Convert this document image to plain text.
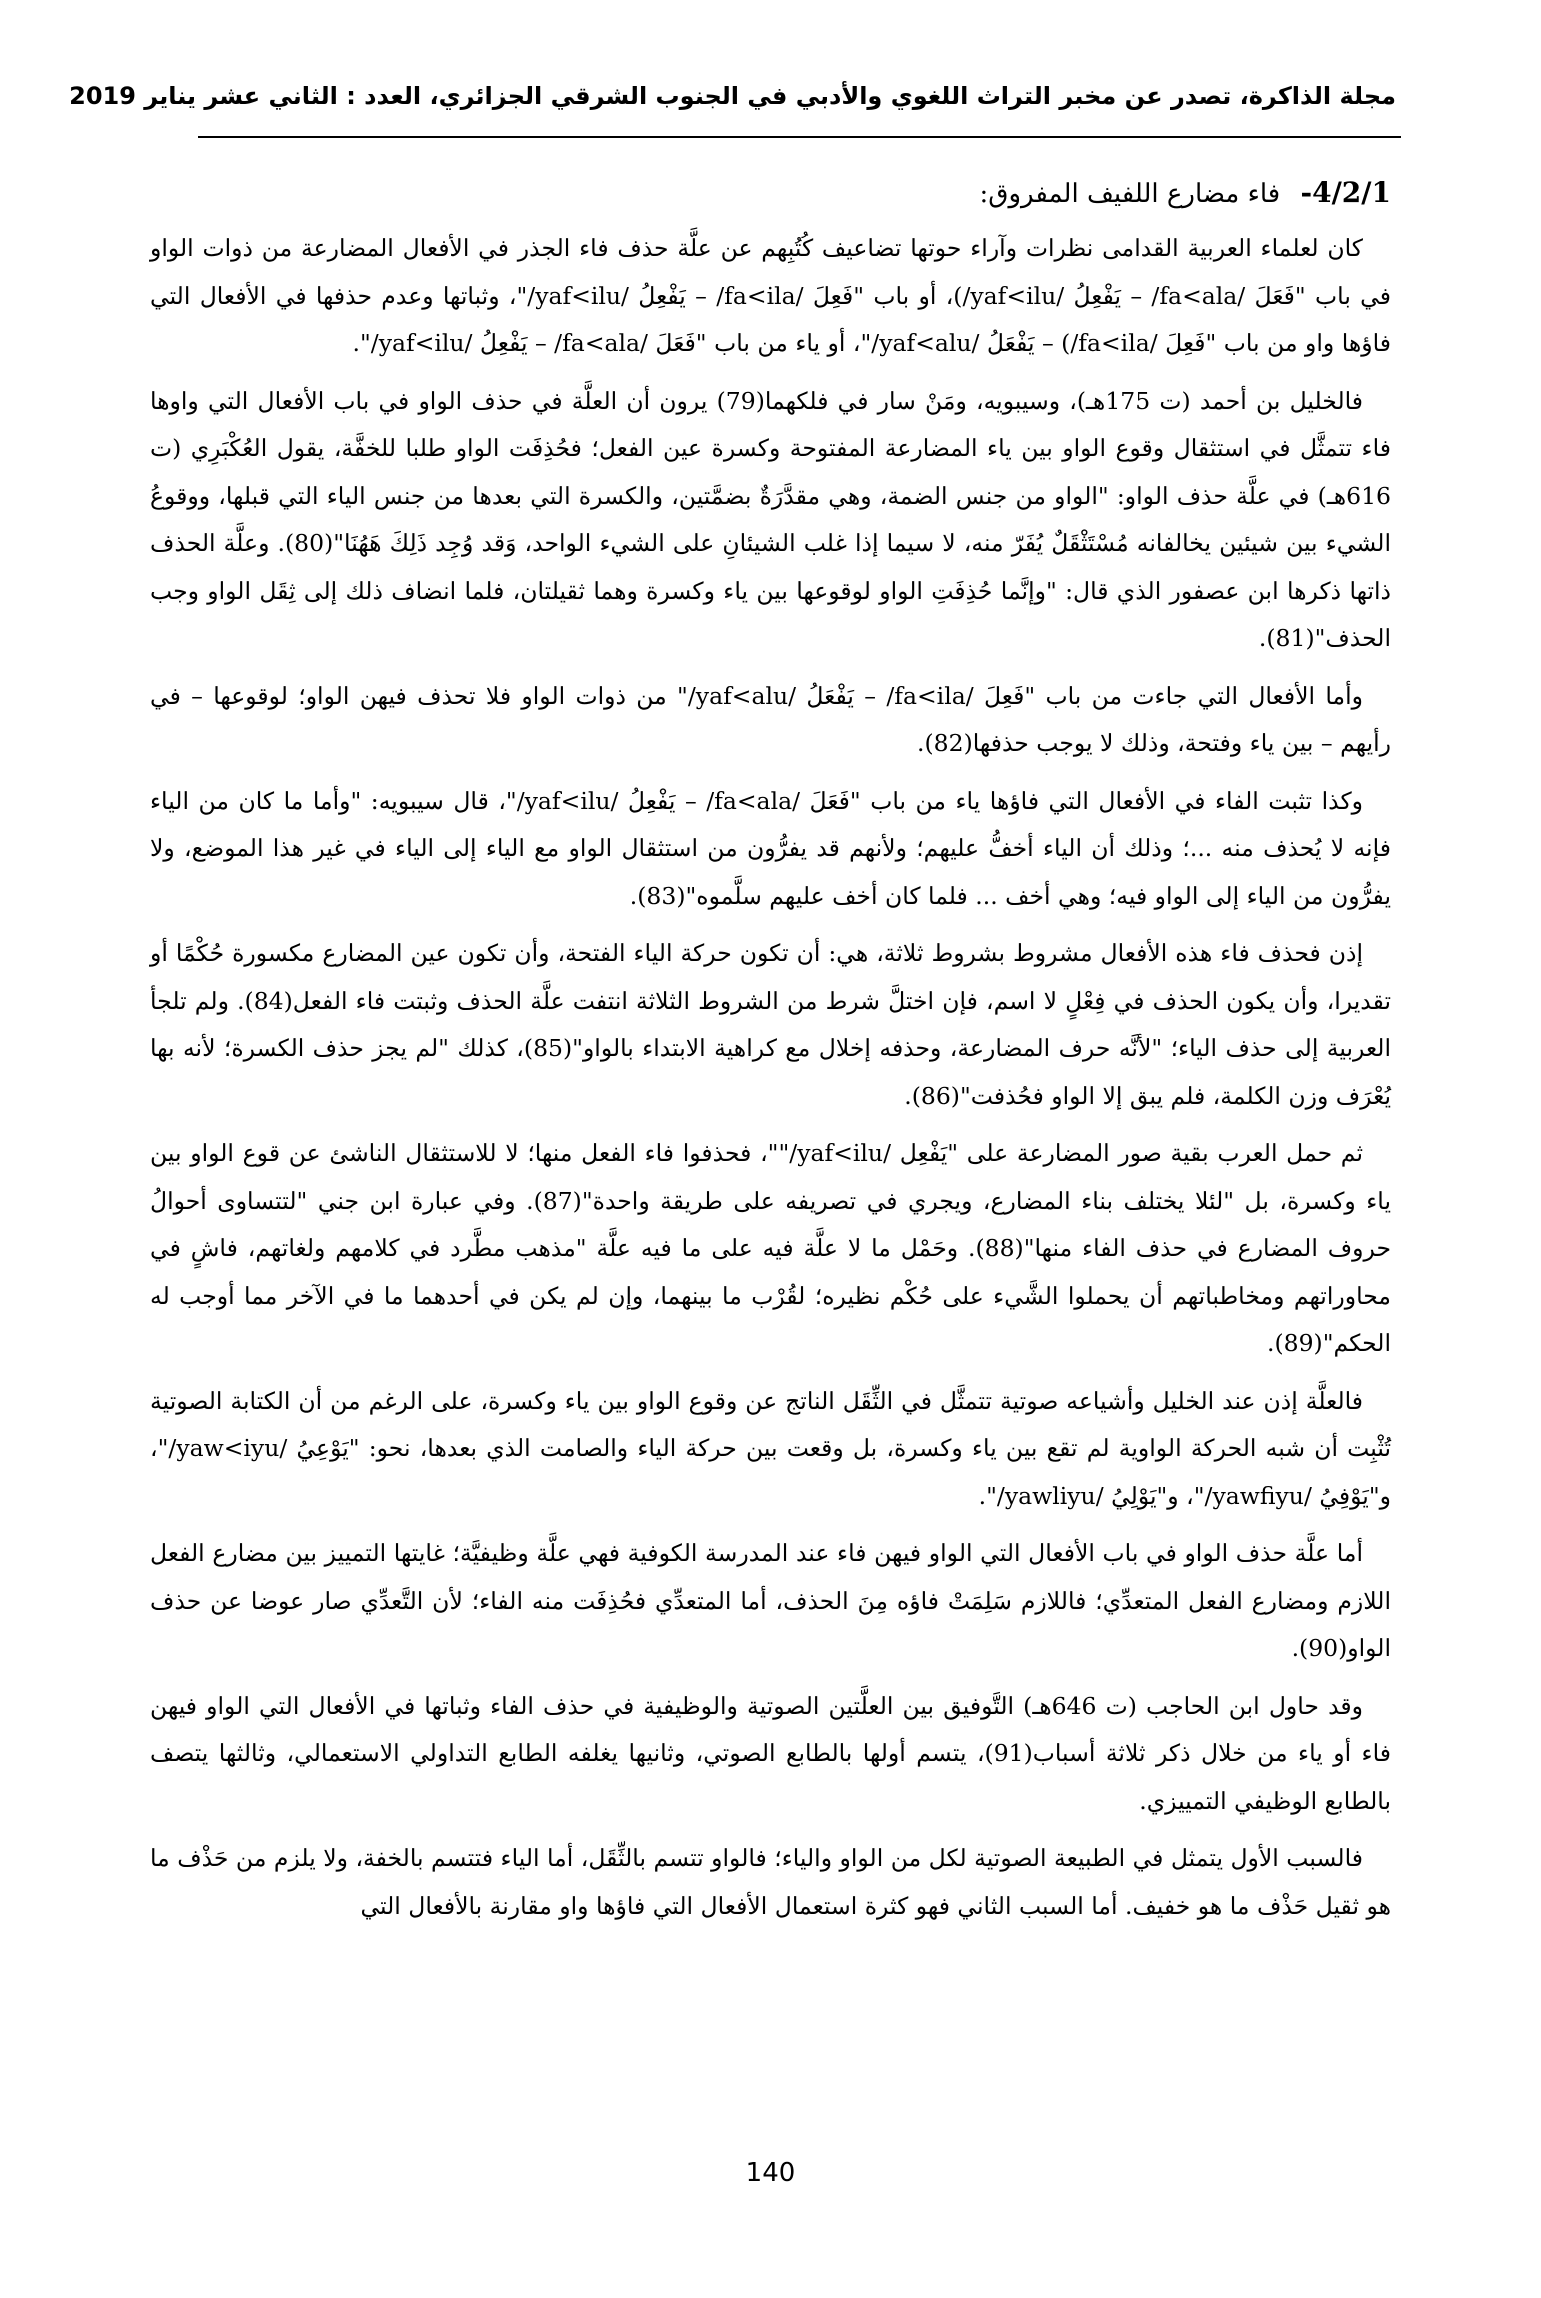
مجلة الذاكرة، تصدر عن مخبر التراث اللغوي والأدبي في الجنوب الشرقي الجزائري، العدد : الثاني عشر يناير 2019
4/2/1- فاء مضارع اللفيف المفروق:

كان لعلماء العربية القدامى نظرات وآراء حوتها تضاعيف كُتُبِهم عن علَّة حذف فاء الجذر في الأفعال المضارعة من ذوات الواو في باب "فَعَلَ /fa<ala/ – يَفْعِلُ /yaf<ilu/)، أو باب "فَعِلَ /fa<ila/ – يَفْعِلُ /yaf<ilu/"، وثباتها وعدم حذفها في الأفعال التي فاؤها واو من باب "فَعِلَ /fa<ila/) – يَفْعَلُ /yaf<alu/"، أو ياء من باب "فَعَلَ /fa<ala/ – يَفْعِلُ /yaf<ilu/".

فالخليل بن أحمد (ت 175هـ)، وسيبويه، ومَنْ سار في فلكهما(79) يرون أن العلَّة في حذف الواو في باب الأفعال التي واوها فاء تتمثَّل في استثقال وقوع الواو بين ياء المضارعة المفتوحة وكسرة عين الفعل؛ فحُذِفَت الواو طلبا للخفَّة، يقول العُكْبَرِي (ت 616هـ) في علَّة حذف الواو: "الواو من جنس الضمة، وهي مقدَّرَةٌ بضمَّتين، والكسرة التي بعدها من جنس الياء التي قبلها، ووقوعُ الشيء بين شيئين يخالفانه مُسْتَثْقَلٌ يُفَرّ منه، لا سيما إذا غلب الشيئانِ على الشيء الواحد، وَقد وُجِد ذَلِكَ هَهُنَا"(80). وعلَّة الحذف ذاتها ذكرها ابن عصفور الذي قال: "وإنَّما حُذِفَتِ الواو لوقوعها بين ياء وكسرة وهما ثقيلتان، فلما انضاف ذلك إلى ثِقَل الواو وجب الحذف"(81).

وأما الأفعال التي جاءت من باب "فَعِلَ /fa<ila/ – يَفْعَلُ /yaf<alu/" من ذوات الواو فلا تحذف فيهن الواو؛ لوقوعها – في رأيهم – بين ياء وفتحة، وذلك لا يوجب حذفها(82).

وكذا تثبت الفاء في الأفعال التي فاؤها ياء من باب "فَعَلَ /fa<ala/ – يَفْعِلُ /yaf<ilu/"، قال سيبويه: "وأما ما كان من الياء فإنه لا يُحذف منه ...؛ وذلك أن الياء أخفُّ عليهم؛ ولأنهم قد يفرُّون من استثقال الواو مع الياء إلى الياء في غير هذا الموضع، ولا يفرُّون من الياء إلى الواو فيه؛ وهي أخف ... فلما كان أخف عليهم سلَّموه"(83).

إذن فحذف فاء هذه الأفعال مشروط بشروط ثلاثة، هي: أن تكون حركة الياء الفتحة، وأن تكون عين المضارع مكسورة حُكْمًا أو تقديرا، وأن يكون الحذف في فِعْلٍ لا اسم، فإن اختلَّ شرط من الشروط الثلاثة انتفت علَّة الحذف وثبتت فاء الفعل(84). ولم تلجأ العربية إلى حذف الياء؛ "لأنَّه حرف المضارعة، وحذفه إخلال مع كراهية الابتداء بالواو"(85)، كذلك "لم يجز حذف الكسرة؛ لأنه بها يُعْرَف وزن الكلمة، فلم يبق إلا الواو فحُذفت"(86).

ثم حمل العرب بقية صور المضارعة على "يَفْعِل /yaf<ilu/""، فحذفوا فاء الفعل منها؛ لا للاستثقال الناشئ عن قوع الواو بين ياء وكسرة، بل "لئلا يختلف بناء المضارع، ويجري في تصريفه على طريقة واحدة"(87). وفي عبارة ابن جني "لتتساوى أحوالُ حروف المضارع في حذف الفاء منها"(88). وحَمْل ما لا علَّة فيه على ما فيه علَّة "مذهب مطَّرد في كلامهم ولغاتهم، فاشٍ في محاوراتهم ومخاطباتهم أن يحملوا الشَّيء على حُكْم نظيره؛ لقُرْب ما بينهما، وإن لم يكن في أحدهما ما في الآخر مما أوجب له الحكم"(89).

فالعلَّة إذن عند الخليل وأشياعه صوتية تتمثَّل في الثِّقَل الناتج عن وقوع الواو بين ياء وكسرة، على الرغم من أن الكتابة الصوتية تُثْبِت أن شبه الحركة الواوية لم تقع بين ياء وكسرة، بل وقعت بين حركة الياء والصامت الذي بعدها، نحو: "يَوْعِيُ /yaw<iyu/"، و"يَوْفِيُ /yawfiyu/"، و"يَوْلِيُ /yawliyu/".

أما علَّة حذف الواو في باب الأفعال التي الواو فيهن فاء عند المدرسة الكوفية فهي علَّة وظيفيَّة؛ غايتها التمييز بين مضارع الفعل اللازم ومضارع الفعل المتعدِّي؛ فاللازم سَلِمَتْ فاؤه مِنَ الحذف، أما المتعدِّي فحُذِفَت منه الفاء؛ لأن التَّعدِّي صار عوضا عن حذف الواو(90).

وقد حاول ابن الحاجب (ت 646هـ) التَّوفيق بين العلَّتين الصوتية والوظيفية في حذف الفاء وثباتها في الأفعال التي الواو فيهن فاء أو ياء من خلال ذكر ثلاثة أسباب(91)، يتسم أولها بالطابع الصوتي، وثانيها يغلفه الطابع التداولي الاستعمالي، وثالثها يتصف بالطابع الوظيفي التمييزي.

فالسبب الأول يتمثل في الطبيعة الصوتية لكل من الواو والياء؛ فالواو تتسم بالثِّقَل، أما الياء فتتسم بالخفة، ولا يلزم من حَذْف ما هو ثقيل حَذْف ما هو خفيف. أما السبب الثاني فهو كثرة استعمال الأفعال التي فاؤها واو مقارنة بالأفعال التي

140
